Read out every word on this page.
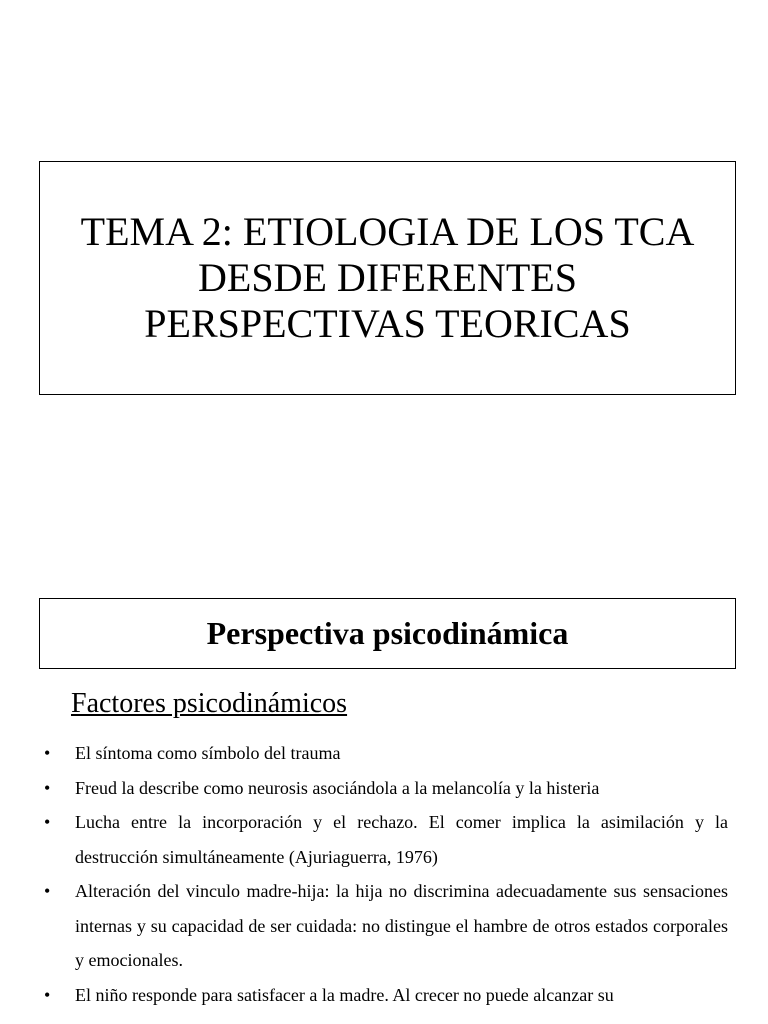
TEMA 2: ETIOLOGIA DE LOS TCA
DESDE DIFERENTES
PERSPECTIVAS TEORICAS
Perspectiva psicodinámica
Factores psicodinámicos
• El síntoma como símbolo del trauma
• Freud la describe como neurosis asociándola a la melancolía y la histeria
• Lucha entre la incorporación y el rechazo. El comer implica la asimilación y la destrucción simultáneamente (Ajuriaguerra, 1976)
• Alteración del vinculo madre-hija: la hija no discrimina adecuadamente sus sensaciones internas y su capacidad de ser cuidada: no distingue el hambre de otros estados corporales y emocionales.
• El niño responde para satisfacer a la madre. Al crecer no puede alcanzar su
